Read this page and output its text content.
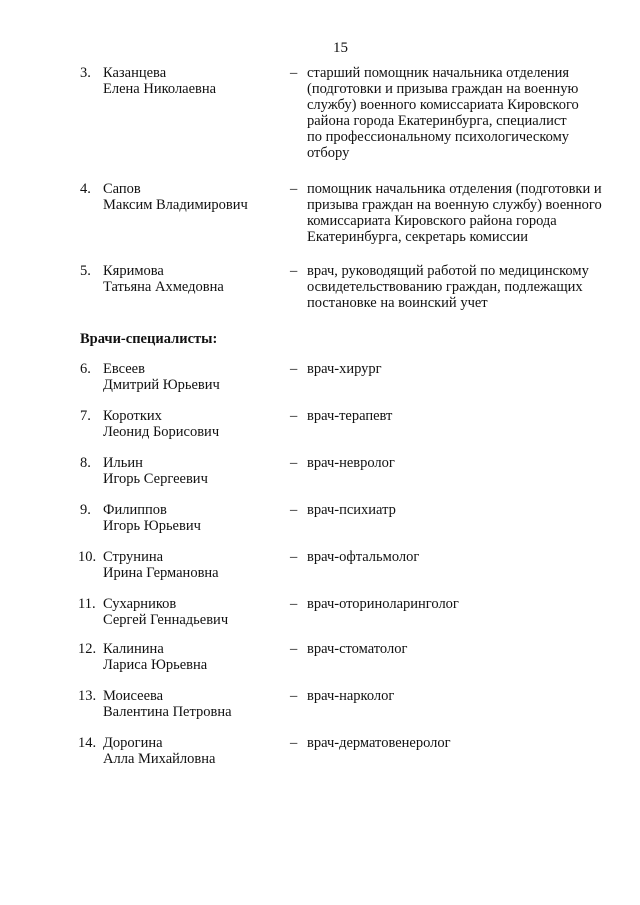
15
3. Казанцева
Елена Николаевна
– старший помощник начальника отделения
(подготовки и призыва граждан на военную
службу) военного комиссариата Кировского
района города Екатеринбурга, специалист
по профессиональному психологическому
отбору
4. Сапов
Максим Владимирович
– помощник начальника отделения (подготовки и
призыва граждан на военную службу) военного
комиссариата Кировского района города
Екатеринбурга, секретарь комиссии
5. Кяримова
Татьяна Ахмедовна
– врач, руководящий работой по медицинскому
освидетельствованию граждан, подлежащих
постановке на воинский учет
Врачи-специалисты:
6. Евсеев
Дмитрий Юрьевич
– врач-хирург
7. Коротких
Леонид Борисович
– врач-терапевт
8. Ильин
Игорь Сергеевич
– врач-невролог
9. Филиппов
Игорь Юрьевич
– врач-психиатр
10. Струнина
Ирина Германовна
– врач-офтальмолог
11. Сухарников
Сергей Геннадьевич
– врач-оториноларинголог
12. Калинина
Лариса Юрьевна
– врач-стоматолог
13. Моисеева
Валентина Петровна
– врач-нарколог
14. Дорогина
Алла Михайловна
– врач-дерматовенеролог
